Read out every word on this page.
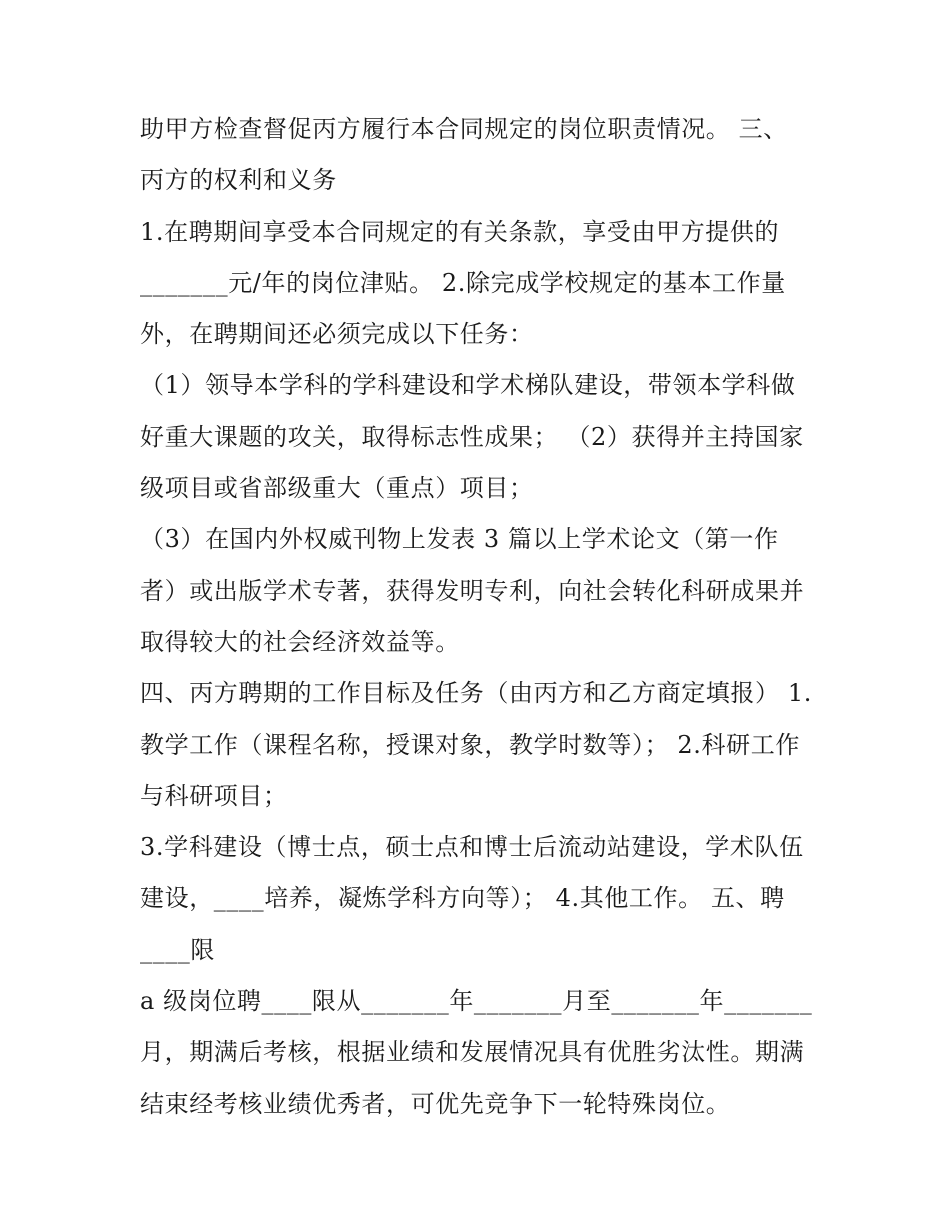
助甲方检查督促丙方履行本合同规定的岗位职责情况。 三、
丙方的权利和义务
1.在聘期间享受本合同规定的有关条款，享受由甲方提供的
_______元/年的岗位津贴。 2.除完成学校规定的基本工作量
外，在聘期间还必须完成以下任务：
（1）领导本学科的学科建设和学术梯队建设，带领本学科做
好重大课题的攻关，取得标志性成果； （2）获得并主持国家
级项目或省部级重大（重点）项目；
（3）在国内外权威刊物上发表 3 篇以上学术论文（第一作
者）或出版学术专著，获得发明专利，向社会转化科研成果并
取得较大的社会经济效益等。
四、丙方聘期的工作目标及任务（由丙方和乙方商定填报） 1.
教学工作（课程名称，授课对象，教学时数等）； 2.科研工作
与科研项目；
3.学科建设（博士点，硕士点和博士后流动站建设，学术队伍
建设，____培养，凝炼学科方向等）； 4.其他工作。 五、聘
____限
a 级岗位聘____限从_______年_______月至_______年_______
月，期满后考核，根据业绩和发展情况具有优胜劣汰性。期满
结束经考核业绩优秀者，可优先竞争下一轮特殊岗位。
